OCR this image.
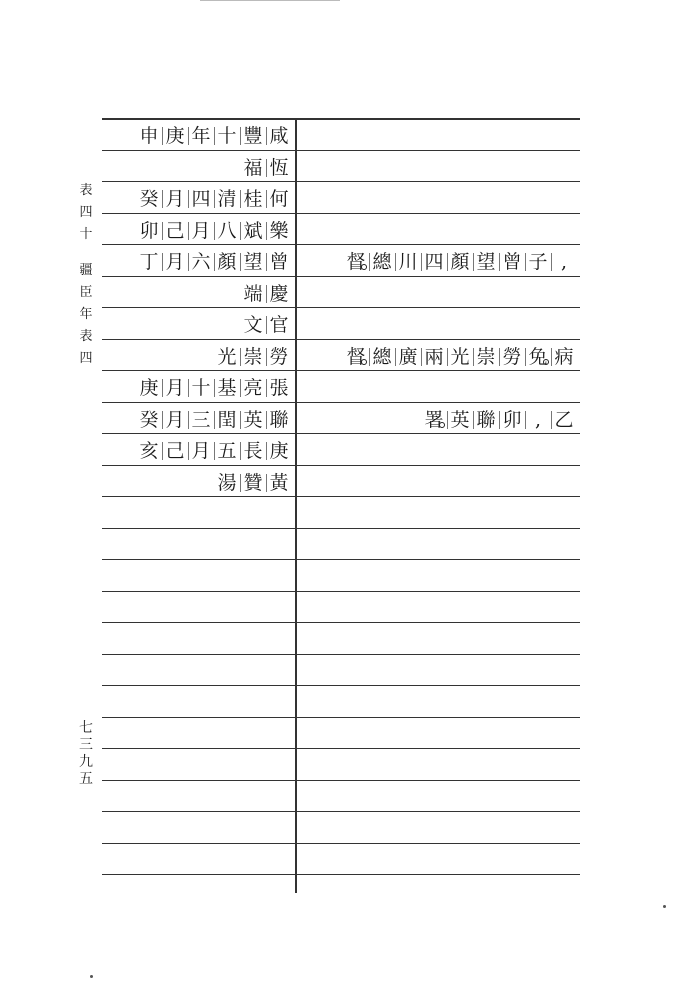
表
四
十
疆
臣
年
表
四
七
三
九
五
申 庚 年 十 豐 咸
福 恆
癸 月 四 清 桂 何
卯 己 月 八 斌 樂
丁 月 六 顏 望 曾	督 總 川 四 顏 望 曾 子 ,
端 慶
文 官
光 崇 勞	督 總 廣 兩 光 崇 勞 免 病
庚 月 十 基 亮 張
癸 月 三 閏 英 聯	署 英 聯 卯 , 乙
亥 己 月 五 長 庚
湯 贊 黃
